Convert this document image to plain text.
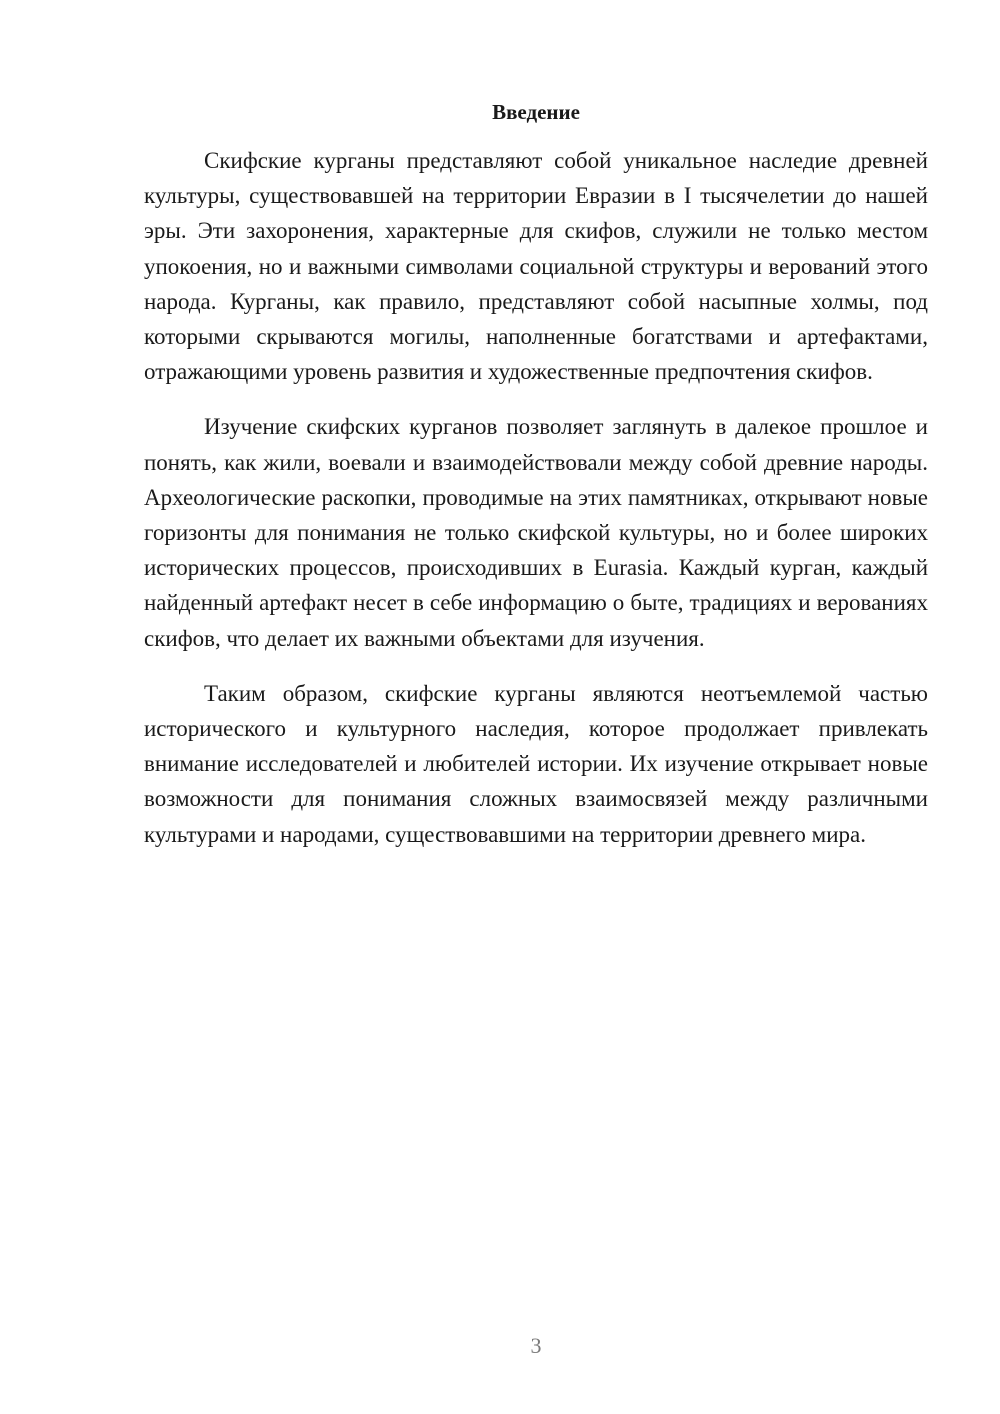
Введение

Скифские курганы представляют собой уникальное наследие древней культуры, существовавшей на территории Евразии в I тысячелетии до нашей эры. Эти захоронения, характерные для скифов, служили не только местом упокоения, но и важными символами социальной структуры и верований этого народа. Курганы, как правило, представляют собой насыпные холмы, под которыми скрываются могилы, наполненные богатствами и артефактами, отражающими уровень развития и художественные предпочтения скифов.

Изучение скифских курганов позволяет заглянуть в далекое прошлое и понять, как жили, воевали и взаимодействовали между собой древние народы. Археологические раскопки, проводимые на этих памятниках, открывают новые горизонты для понимания не только скифской культуры, но и более широких исторических процессов, происходивших в Eurasia. Каждый курган, каждый найденный артефакт несет в себе информацию о быте, традициях и верованиях скифов, что делает их важными объектами для изучения.

Таким образом, скифские курганы являются неотъемлемой частью исторического и культурного наследия, которое продолжает привлекать внимание исследователей и любителей истории. Их изучение открывает новые возможности для понимания сложных взаимосвязей между различными культурами и народами, существовавшими на территории древнего мира.

3
